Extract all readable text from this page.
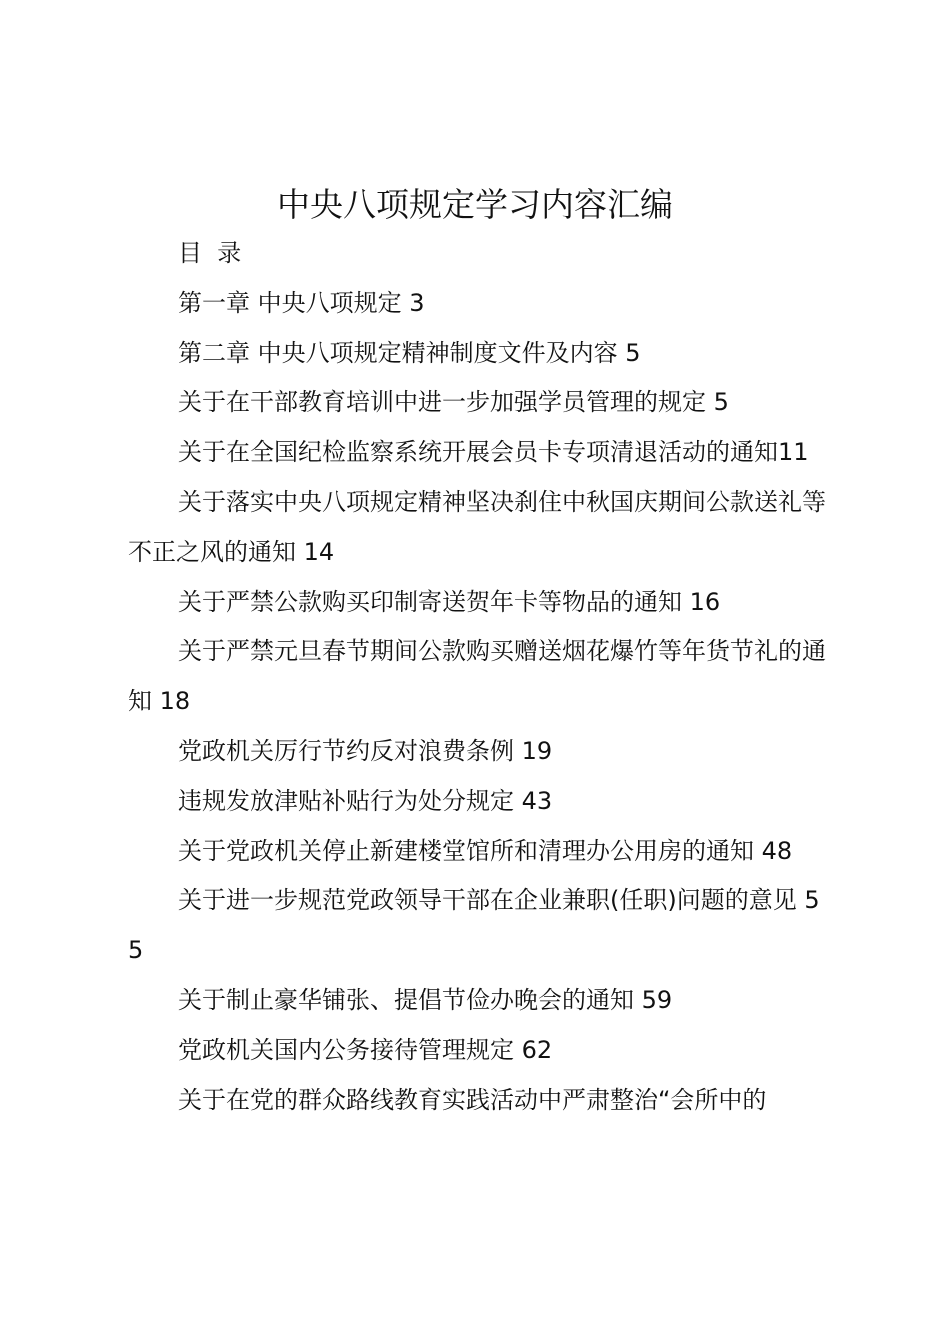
中央八项规定学习内容汇编

目  录

第一章 中央八项规定 3

第二章 中央八项规定精神制度文件及内容 5

关于在干部教育培训中进一步加强学员管理的规定 5

关于在全国纪检监察系统开展会员卡专项清退活动的通知11

关于落实中央八项规定精神坚决刹住中秋国庆期间公款送礼等不正之风的通知 14

关于严禁公款购买印制寄送贺年卡等物品的通知 16

关于严禁元旦春节期间公款购买赠送烟花爆竹等年货节礼的通知 18

党政机关厉行节约反对浪费条例 19

违规发放津贴补贴行为处分规定 43

关于党政机关停止新建楼堂馆所和清理办公用房的通知 48

关于进一步规范党政领导干部在企业兼职(任职)问题的意见 55

关于制止豪华铺张、提倡节俭办晚会的通知 59

党政机关国内公务接待管理规定 62

关于在党的群众路线教育实践活动中严肃整治“会所中的
